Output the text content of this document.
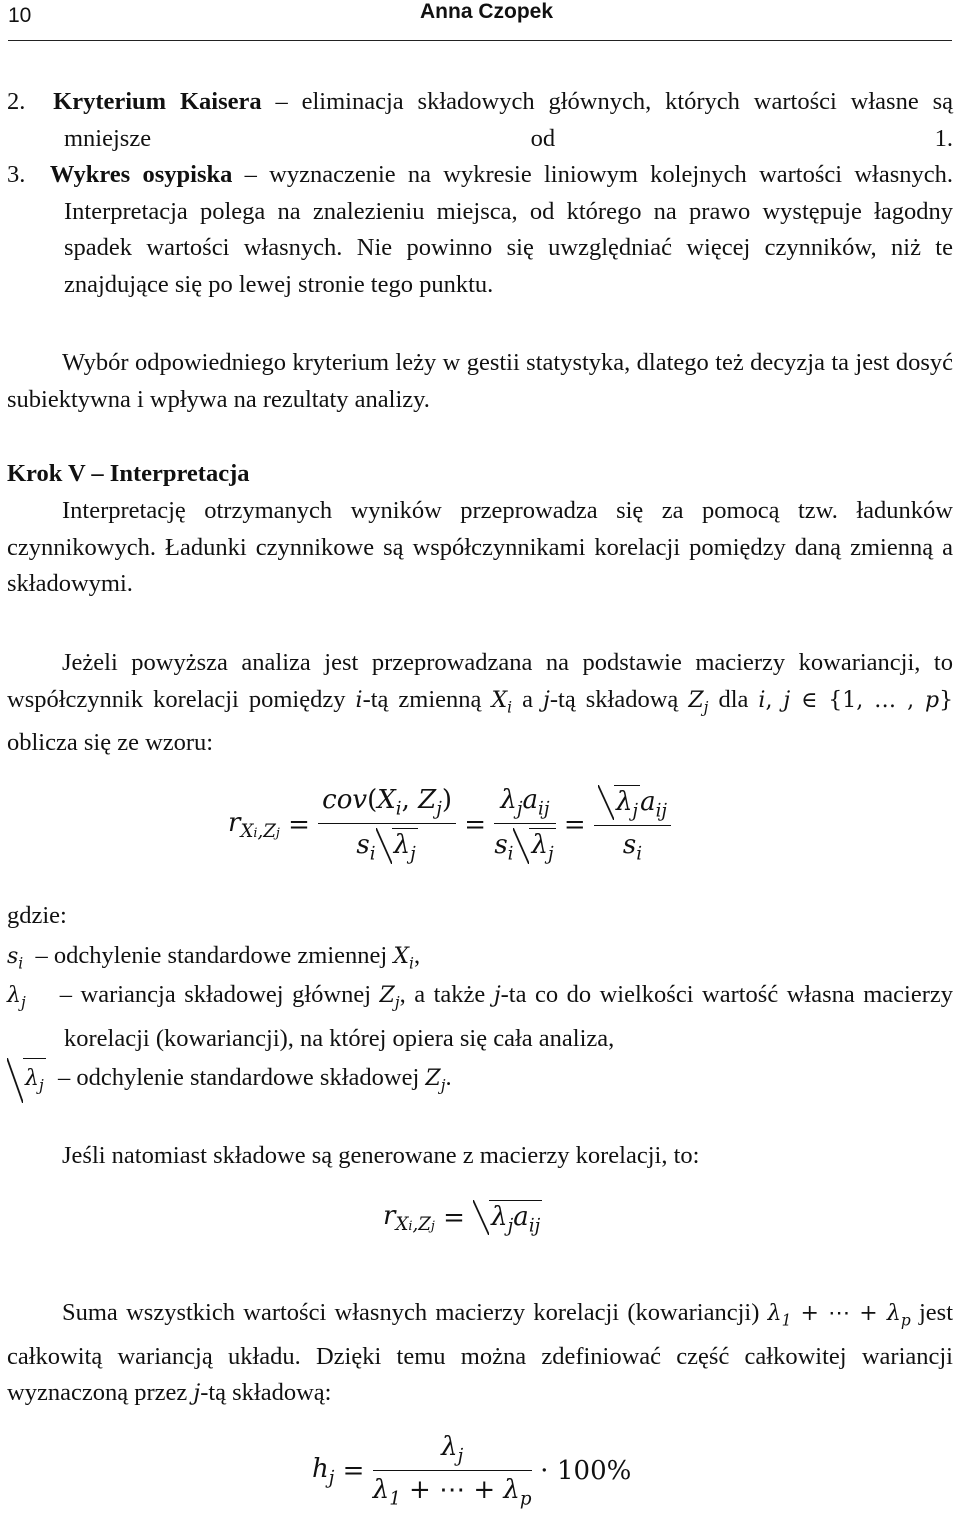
10	Anna Czopek
2. Kryterium Kaisera – eliminacja składowych głównych, których wartości własne są mniejsze od 1.
3. Wykres osypiska – wyznaczenie na wykresie liniowym kolejnych wartości własnych. Interpretacja polega na znalezieniu miejsca, od którego na prawo występuje łagodny spadek wartości własnych. Nie powinno się uwzględniać więcej czynników, niż te znajdujące się po lewej stronie tego punktu.
Wybór odpowiedniego kryterium leży w gestii statystyka, dlatego też decyzja ta jest dosyć subiektywna i wpływa na rezultaty analizy.
Krok V – Interpretacja
Interpretację otrzymanych wyników przeprowadza się za pomocą tzw. ładunków czynnikowych. Ładunki czynnikowe są współczynnikami korelacji pomiędzy daną zmienną a składowymi.
Jeżeli powyższa analiza jest przeprowadzana na podstawie macierzy kowariancji, to współczynnik korelacji pomiędzy i-tą zmienną $X_i$ a j-tą składową $Z_j$ dla i, j ∈ {1, … , p} oblicza się ze wzoru:
$r_{Xi,Zj} = \frac{cov(X_i, Z_j)}{s_i \lambda_j} = \frac{\lambda_ja_{ij}}{s_i \lambda_j} = \frac{\lambda_ja_{ij}}{s_i}$
gdzie:
$s_i$ – odchylenie standardowe zmiennej $X_i$,
$\lambda_j$ – wariancja składowej głównej $Z_j$, a także j-ta co do wielkości wartość własna macierzy korelacji (kowariancji), na której opiera się cała analiza,
$\lambda_j$ – odchylenie standardowe składowej $Z_j$.
Jeśli natomiast składowe są generowane z macierzy korelacji, to:
$r_{Xi,Zj} = \lambda_ja_{ij}$
Suma wszystkich wartości własnych macierzy korelacji (kowariancji) $\lambda_1$ + ⋯ + $\lambda_p$ jest całkowitą wariancją układu. Dzięki temu można zdefiniować część całkowitej wariancji wyznaczoną przez j-tą składową:
$h_j = \frac{\lambda_j}{\lambda_1 + \cdots + \lambda_p} \cdot 100\%$
